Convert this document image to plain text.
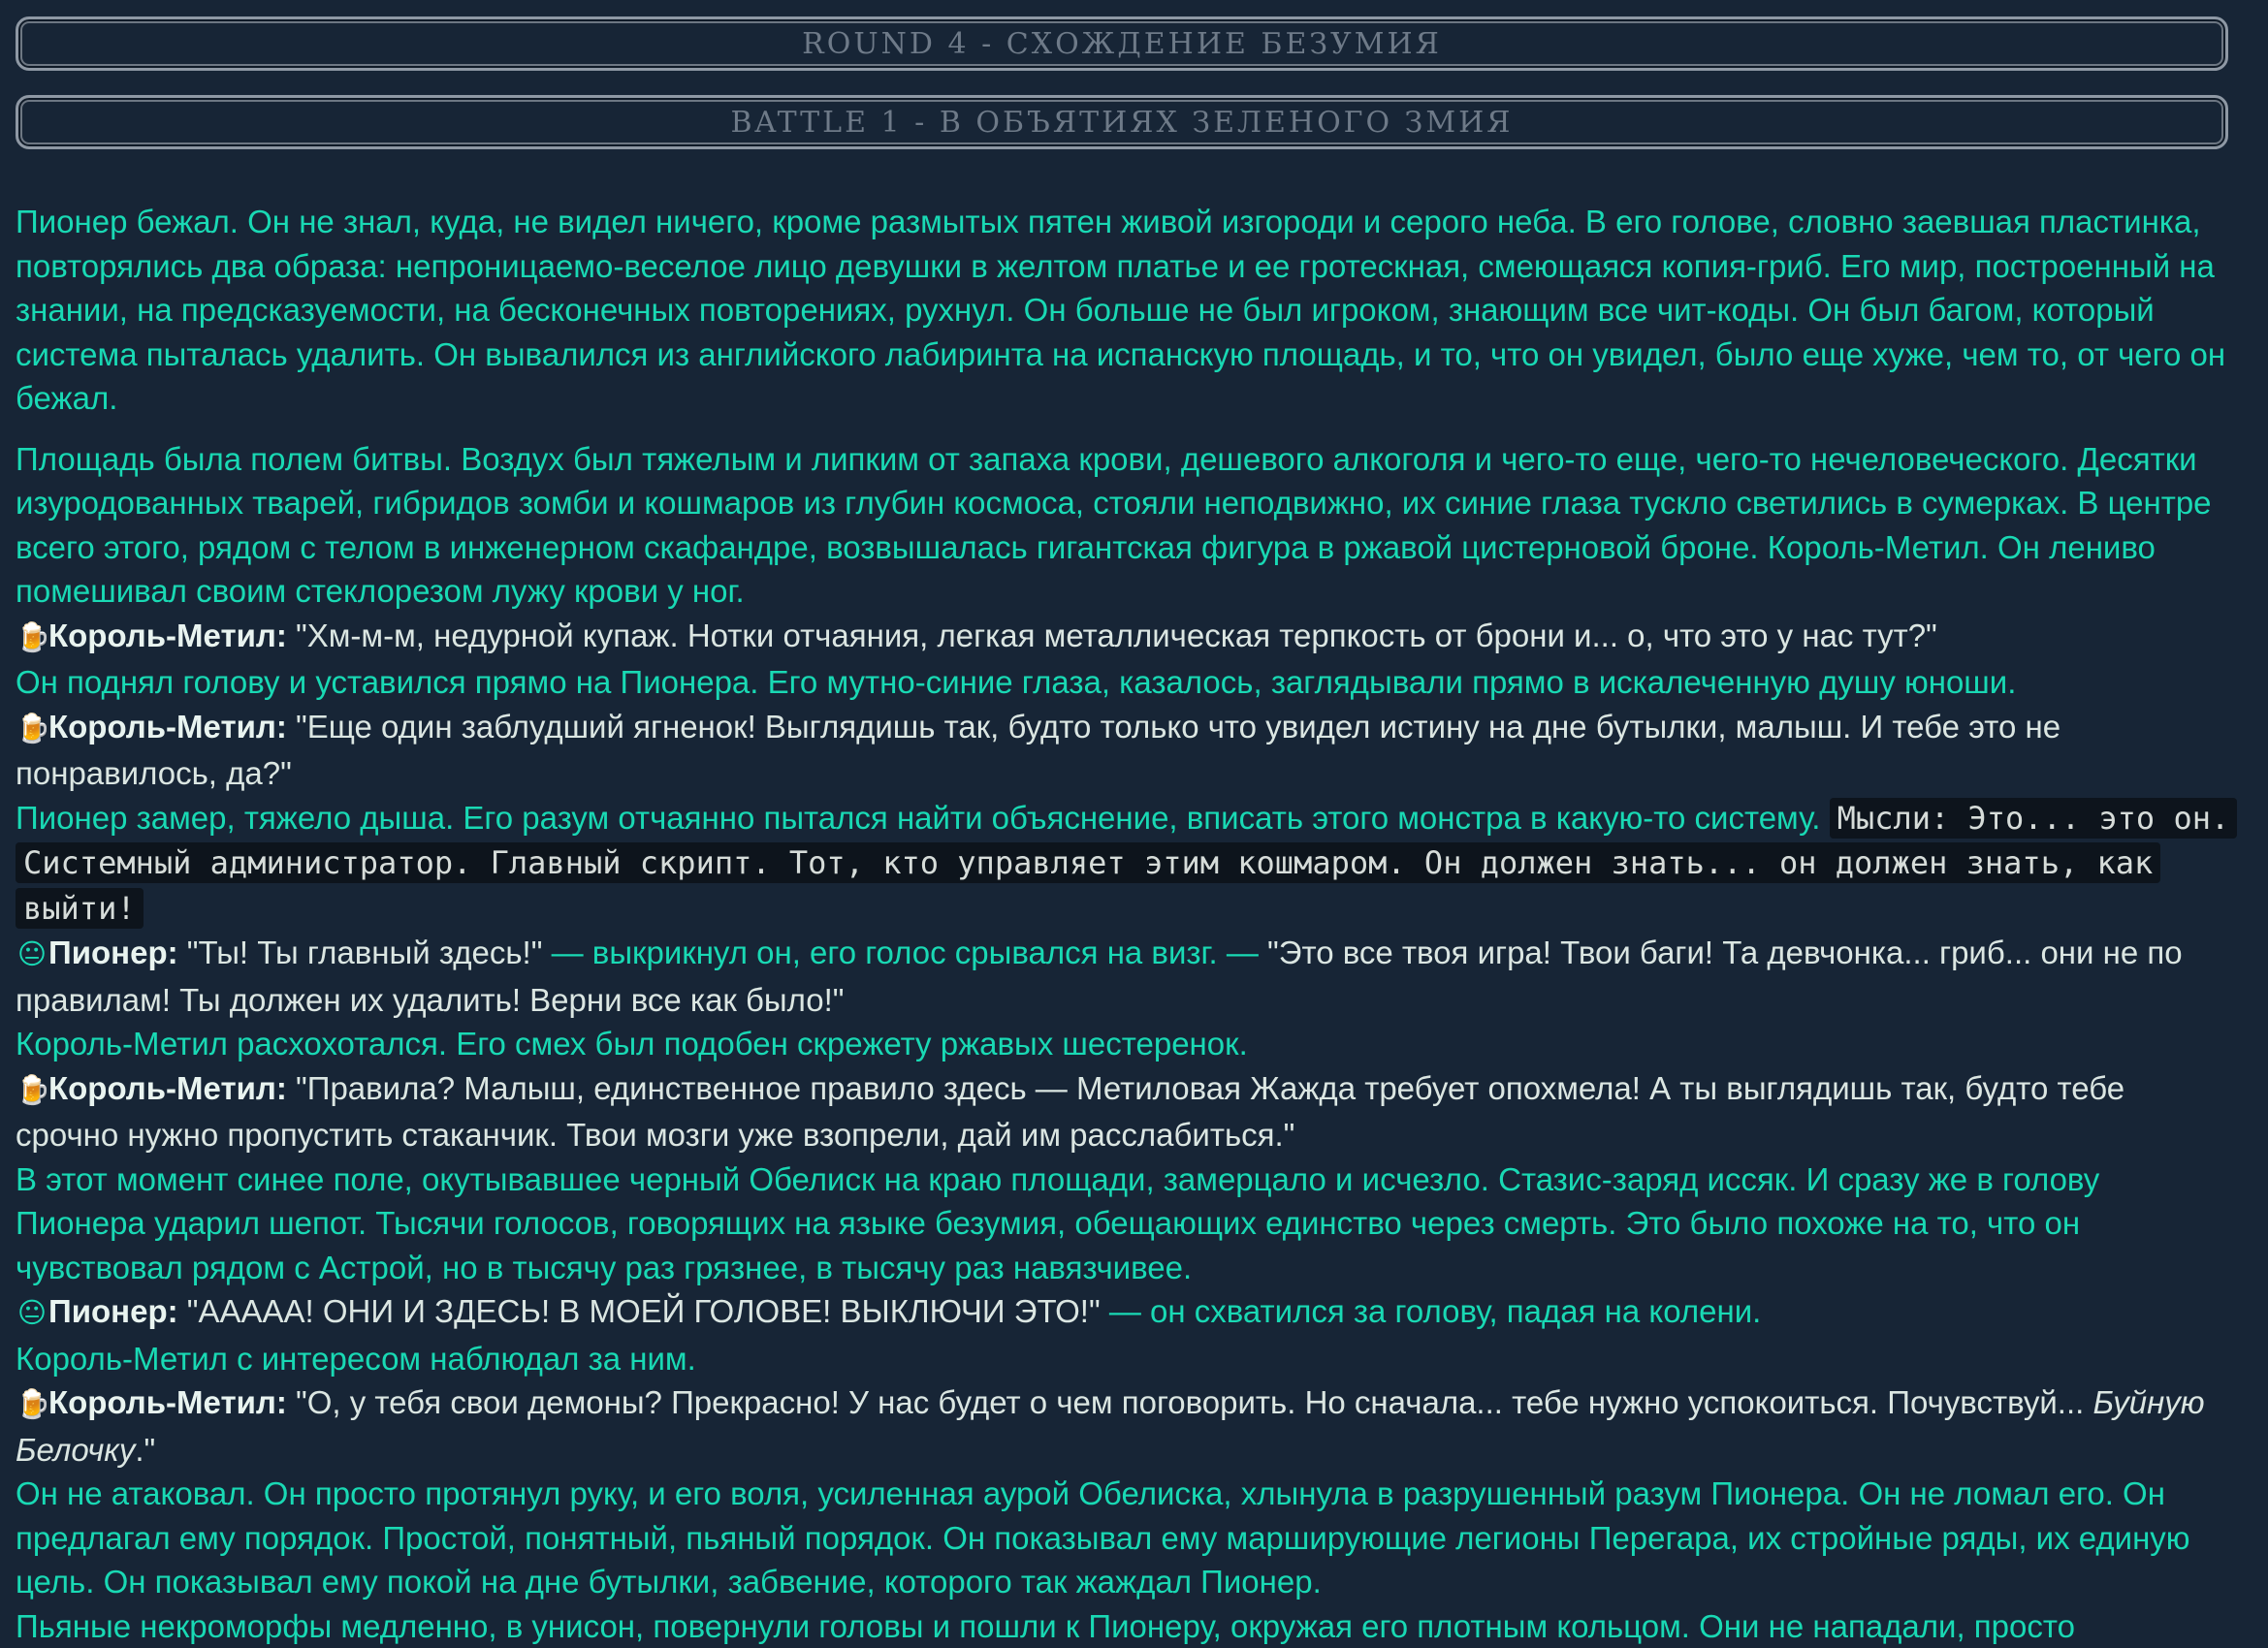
ROUND 4 - СХОЖДЕНИЕ БЕЗУМИЯ
BATTLE 1 - В ОБЪЯТИЯХ ЗЕЛЕНОГО ЗМИЯ

Пионер бежал. Он не знал, куда, не видел ничего, кроме размытых пятен живой изгороди и серого неба. В его голове, словно заевшая пластинка, повторялись два образа: непроницаемо-веселое лицо девушки в желтом платье и ее гротескная, смеющаяся копия-гриб. Его мир, построенный на знании, на предсказуемости, на бесконечных повторениях, рухнул. Он больше не был игроком, знающим все чит-коды. Он был багом, который система пыталась удалить. Он вывалился из английского лабиринта на испанскую площадь, и то, что он увидел, было еще хуже, чем то, от чего он бежал.

Площадь была полем битвы. Воздух был тяжелым и липким от запаха крови, дешевого алкоголя и чего-то еще, чего-то нечеловеческого. Десятки изуродованных тварей, гибридов зомби и кошмаров из глубин космоса, стояли неподвижно, их синие глаза тускло светились в сумерках. В центре всего этого, рядом с телом в инженерном скафандре, возвышалась гигантская фигура в ржавой цистерновой броне. Король-Метил. Он лениво помешивал своим стеклорезом лужу крови у ног.

🍺Король-Метил: "Хм-м-м, недурной купаж. Нотки отчаяния, легкая металлическая терпкость от брони и... о, что это у нас тут?"

Он поднял голову и уставился прямо на Пионера. Его мутно-синие глаза, казалось, заглядывали прямо в искалеченную душу юноши.

🍺Король-Метил: "Еще один заблудший ягненок! Выглядишь так, будто только что увидел истину на дне бутылки, малыш. И тебе это не понравилось, да?"

Пионер замер, тяжело дыша. Его разум отчаянно пытался найти объяснение, вписать этого монстра в какую-то систему. Мысли: Это... это он. Системный администратор. Главный скрипт. Тот, кто управляет этим кошмаром. Он должен знать... он должен знать, как выйти!

😐Пионер: "Ты! Ты главный здесь!" — выкрикнул он, его голос срывался на визг. — "Это все твоя игра! Твои баги! Та девчонка... гриб... они не по правилам! Ты должен их удалить! Верни все как было!"

Король-Метил расхохотался. Его смех был подобен скрежету ржавых шестеренок.

🍺Король-Метил: "Правила? Малыш, единственное правило здесь — Метиловая Жажда требует опохмела! А ты выглядишь так, будто тебе срочно нужно пропустить стаканчик. Твои мозги уже взопрели, дай им расслабиться."

В этот момент синее поле, окутывавшее черный Обелиск на краю площади, замерцало и исчезло. Стазис-заряд иссяк. И сразу же в голову Пионера ударил шепот. Тысячи голосов, говорящих на языке безумия, обещающих единство через смерть. Это было похоже на то, что он чувствовал рядом с Астрой, но в тысячу раз грязнее, в тысячу раз навязчивее.

😐Пионер: "ААААА! ОНИ И ЗДЕСЬ! В МОЕЙ ГОЛОВЕ! ВЫКЛЮЧИ ЭТО!" — он схватился за голову, падая на колени.

Король-Метил с интересом наблюдал за ним.

🍺Король-Метил: "О, у тебя свои демоны? Прекрасно! У нас будет о чем поговорить. Но сначала... тебе нужно успокоиться. Почувствуй... Буйную Белочку."

Он не атаковал. Он просто протянул руку, и его воля, усиленная аурой Обелиска, хлынула в разрушенный разум Пионера. Он не ломал его. Он предлагал ему порядок. Простой, понятный, пьяный порядок. Он показывал ему марширующие легионы Перегара, их стройные ряды, их единую цель. Он показывал ему покой на дне бутылки, забвение, которого так жаждал Пионер.

Пьяные некроморфы медленно, в унисон, повернули головы и пошли к Пионеру, окружая его плотным кольцом. Они не нападали, просто
